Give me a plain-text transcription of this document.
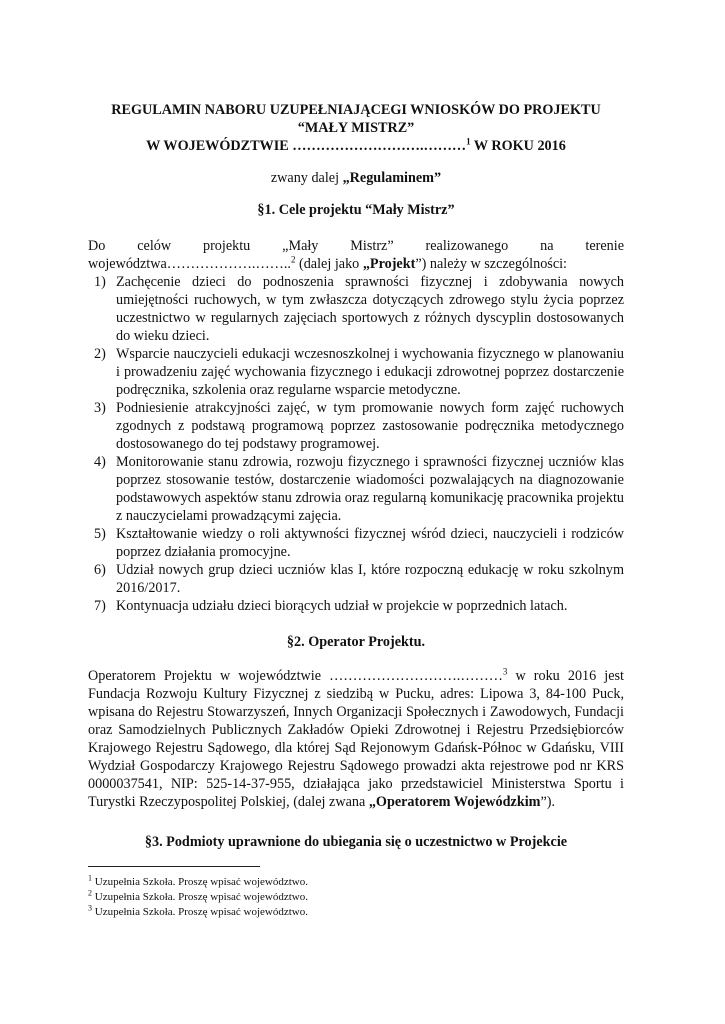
REGULAMIN NABORU UZUPEŁNIAJĄCEGI WNIOSKÓW DO PROJEKTU
“MAŁY MISTRZ”
W WOJEWÓDZTWIE ……………………….………$^1$ W ROKU 2016
zwany dalej „Regulaminem”
§1. Cele projektu “Mały Mistrz”
Do celów projektu „Mały Mistrz” realizowanego na terenie województwa……………….……..$^2$ (dalej jako „Projekt”) należy w szczególności:
1) Zachęcenie dzieci do podnoszenia sprawności fizycznej i zdobywania nowych umiejętności ruchowych, w tym zwłaszcza dotyczących zdrowego stylu życia poprzez uczestnictwo w regularnych zajęciach sportowych z różnych dyscyplin dostosowanych do wieku dzieci.
2) Wsparcie nauczycieli edukacji wczesnoszkolnej i wychowania fizycznego w planowaniu i prowadzeniu zajęć wychowania fizycznego i edukacji zdrowotnej poprzez dostarczenie podręcznika, szkolenia oraz regularne wsparcie metodyczne.
3) Podniesienie atrakcyjności zajęć, w tym promowanie nowych form zajęć ruchowych zgodnych z podstawą programową poprzez zastosowanie podręcznika metodycznego dostosowanego do tej podstawy programowej.
4) Monitorowanie stanu zdrowia, rozwoju fizycznego i sprawności fizycznej uczniów klas poprzez stosowanie testów, dostarczenie wiadomości pozwalających na diagnozowanie podstawowych aspektów stanu zdrowia oraz regularną komunikację pracownika projektu z nauczycielami prowadzącymi zajęcia.
5) Kształtowanie wiedzy o roli aktywności fizycznej wśród dzieci, nauczycieli i rodziców poprzez działania promocyjne.
6) Udział nowych grup dzieci uczniów klas I, które rozpoczną edukację w roku szkolnym 2016/2017.
7) Kontynuacja udziału dzieci biorących udział w projekcie w poprzednich latach.
§2. Operator Projektu.
Operatorem Projektu w województwie ……………………….………$^3$ w roku 2016 jest Fundacja Rozwoju Kultury Fizycznej z siedzibą w Pucku, adres: Lipowa 3, 84-100 Puck, wpisana do Rejestru Stowarzyszeń, Innych Organizacji Społecznych i Zawodowych, Fundacji oraz Samodzielnych Publicznych Zakładów Opieki Zdrowotnej i Rejestru Przedsiębiorców Krajowego Rejestru Sądowego, dla której Sąd Rejonowym Gdańsk-Północ w Gdańsku, VIII Wydział Gospodarczy Krajowego Rejestru Sądowego prowadzi akta rejestrowe pod nr KRS 0000037541, NIP: 525-14-37-955, działająca jako przedstawiciel Ministerstwa Sportu i Turystki Rzeczypospolitej Polskiej, (dalej zwana „Operatorem Wojewódzkim”).
§3. Podmioty uprawnione do ubiegania się o uczestnictwo w Projekcie
$^1$ Uzupełnia Szkoła. Proszę wpisać województwo.
$^2$ Uzupełnia Szkoła. Proszę wpisać województwo.
$^3$ Uzupełnia Szkoła. Proszę wpisać województwo.
